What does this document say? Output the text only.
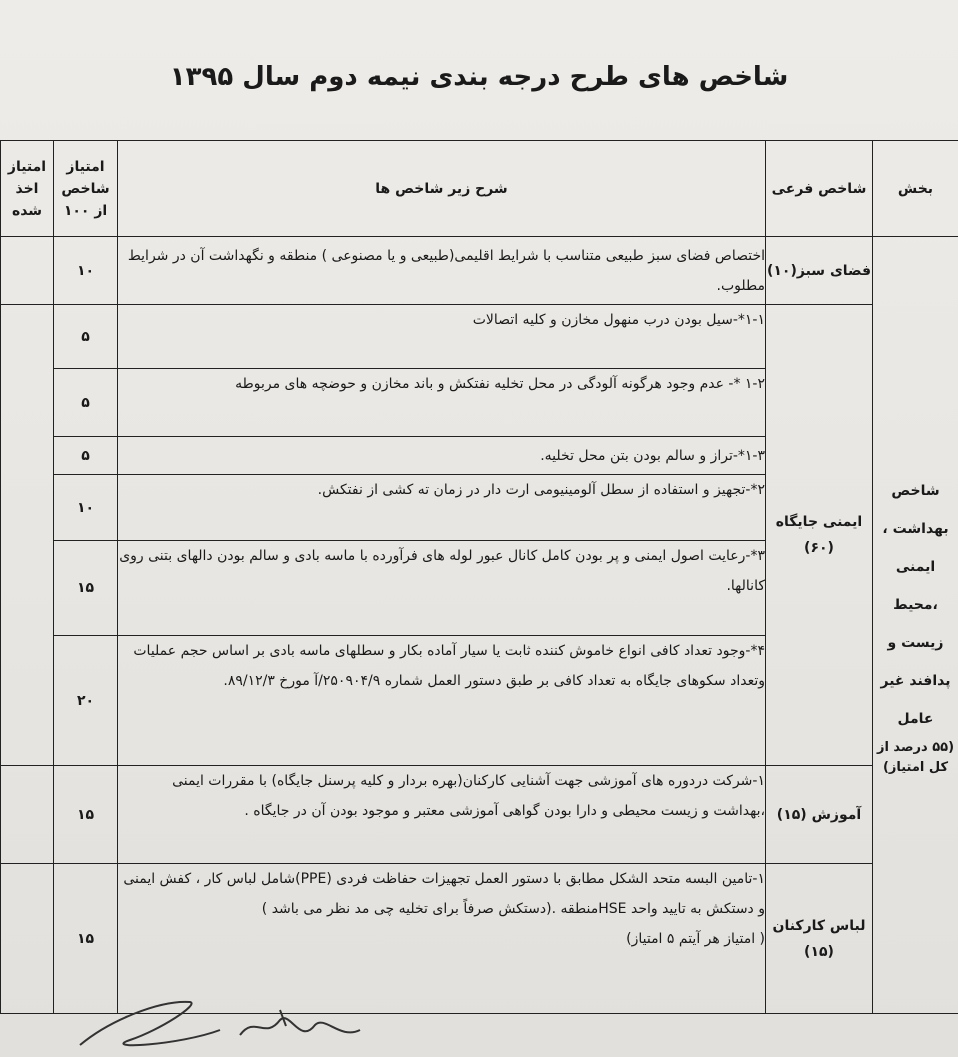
شاخص های طرح درجه بندی نیمه دوم سال ۱۳۹۵
بخش	شاخص فرعی	شرح زیر شاخص ها	امتیاز شاخص از ۱۰۰	امتیاز اخذ شده
شاخص بهداشت ، ایمنی ،محیط زیست و پدافند غیر عامل
(۵۵ درصد از کل امتیاز)	فضای سبز(۱۰)	اختصاص فضای سبز طبیعی متناسب با شرایط اقلیمی(طبیعی و یا مصنوعی ) منطقه و نگهداشت آن در شرایط مطلوب.	۱۰	
	ایمنی جایگاه (۶۰)	۱-۱*-سیل بودن درب منهول مخازن و کلیه اتصالات	۵	
		۱-۲ *- عدم وجود هرگونه آلودگی در محل تخلیه نفتکش و باند مخازن و حوضچه های مربوطه	۵	
		۱-۳*-تراز و سالم بودن بتن محل تخلیه.	۵	
		۲*-تجهیز و استفاده از سطل آلومینیومی ارت دار در زمان ته کشی از نفتکش.	۱۰	
		۳*-رعایت اصول ایمنی و پر بودن کامل کانال عبور لوله های فرآورده با ماسه بادی و سالم بودن دالهای بتنی روی کانالها.	۱۵	
		۴*-وجود تعداد کافی انواع خاموش کننده ثابت یا سیار آماده بکار و سطلهای ماسه بادی بر اساس حجم عملیات وتعداد سکوهای جایگاه به تعداد کافی بر طبق دستور العمل شماره ۲۵۰۹۰۴/۹/آ مورخ ۸۹/۱۲/۳.	۲۰	
	آموزش (۱۵)	۱-شرکت دردوره های آموزشی جهت آشنایی کارکنان(بهره بردار و کلیه پرسنل جایگاه) با مقررات ایمنی ،بهداشت و زیست محیطی و دارا بودن گواهی آموزشی معتبر و موجود بودن آن در جایگاه .	۱۵	
	لباس کارکنان (۱۵)	۱-تامین البسه متحد الشکل مطابق با دستور العمل تجهیزات حفاظت فردی (PPE)شامل لباس کار ، کفش ایمنی و دستکش به تایید واحد HSEمنطقه .(دستکش صرفاً برای تخلیه چی مد نظر می باشد )
( امتیاز هر آیتم ۵ امتیاز)	۱۵	
